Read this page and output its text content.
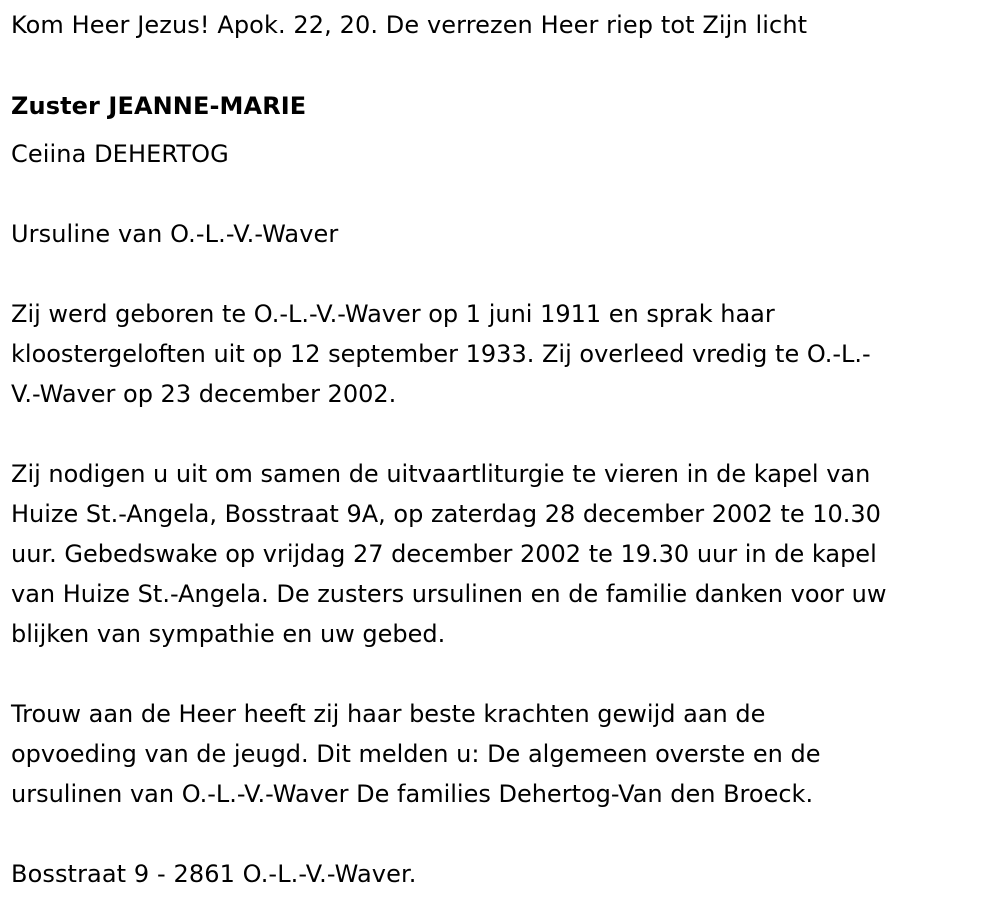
Kom Heer Jezus! Apok. 22, 20. De verrezen Heer riep tot Zijn licht
Zuster JEANNE-MARIE
Ceiina DEHERTOG
Ursuline van O.-L.-V.-Waver
Zij werd geboren te O.-L.-V.-Waver op 1 juni 1911 en sprak haar
kloostergeloften uit op 12 september 1933. Zij overleed vredig te O.-L.-
V.-Waver op 23 december 2002.
Zij nodigen u uit om samen de uitvaartliturgie te vieren in de kapel van
Huize St.-Angela, Bosstraat 9A, op zaterdag 28 december 2002 te 10.30
uur. Gebedswake op vrijdag 27 december 2002 te 19.30 uur in de kapel
van Huize St.-Angela. De zusters ursulinen en de familie danken voor uw
blijken van sympathie en uw gebed.
Trouw aan de Heer heeft zij haar beste krachten gewijd aan de
opvoeding van de jeugd. Dit melden u: De algemeen overste en de
ursulinen van O.-L.-V.-Waver De families Dehertog-Van den Broeck.
Bosstraat 9 - 2861 O.-L.-V.-Waver.
